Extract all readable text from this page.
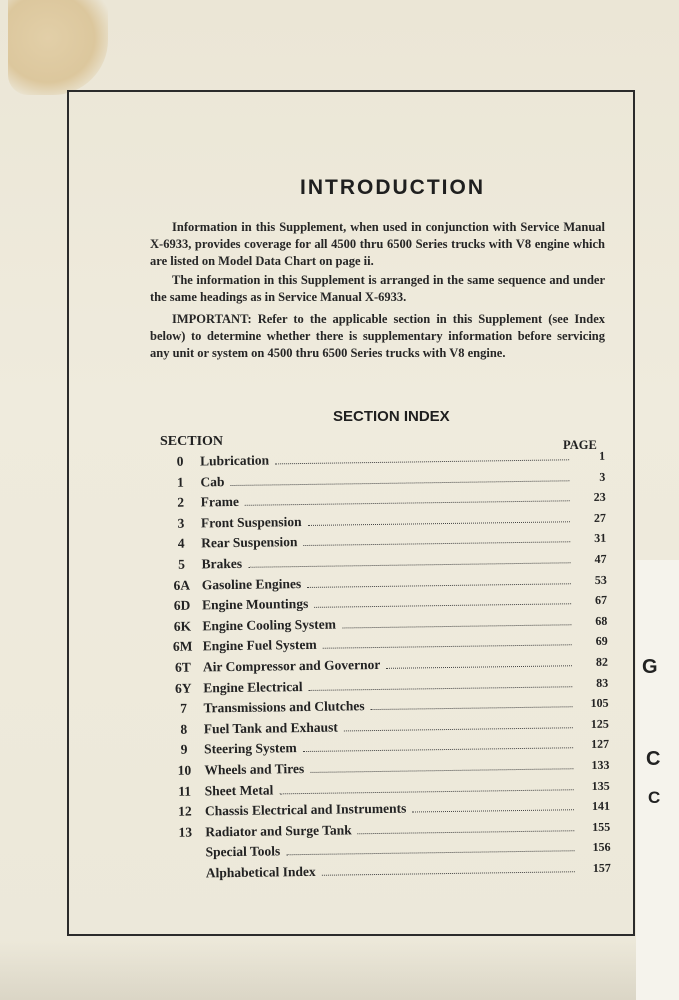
G
C
C
INTRODUCTION
Information in this Supplement, when used in conjunction with Service Manual X-6933, provides coverage for all 4500 thru 6500 Series trucks with V8 engine which are listed on Model Data Chart on page ii.
The information in this Supplement is arranged in the same sequence and under the same headings as in Service Manual X-6933.
IMPORTANT: Refer to the applicable section in this Supplement (see Index below) to determine whether there is supplementary information before servicing any unit or system on 4500 thru 6500 Series trucks with V8 engine.
SECTION INDEX
SECTION	PAGE
0	Lubrication	1
1	Cab	3
2	Frame	23
3	Front Suspension	27
4	Rear Suspension	31
5	Brakes	47
6A Gasoline Engines	53
6D Engine Mountings	67
6K Engine Cooling System	68
6M Engine Fuel System	69
6T Air Compressor and Governor	82
6Y Engine Electrical	83
7	Transmissions and Clutches	105
8	Fuel Tank and Exhaust	125
9	Steering System	127
10 Wheels and Tires	133
11 Sheet Metal	135
12 Chassis Electrical and Instruments	141
13 Radiator and Surge Tank	155
Special Tools	156
Alphabetical Index	157
